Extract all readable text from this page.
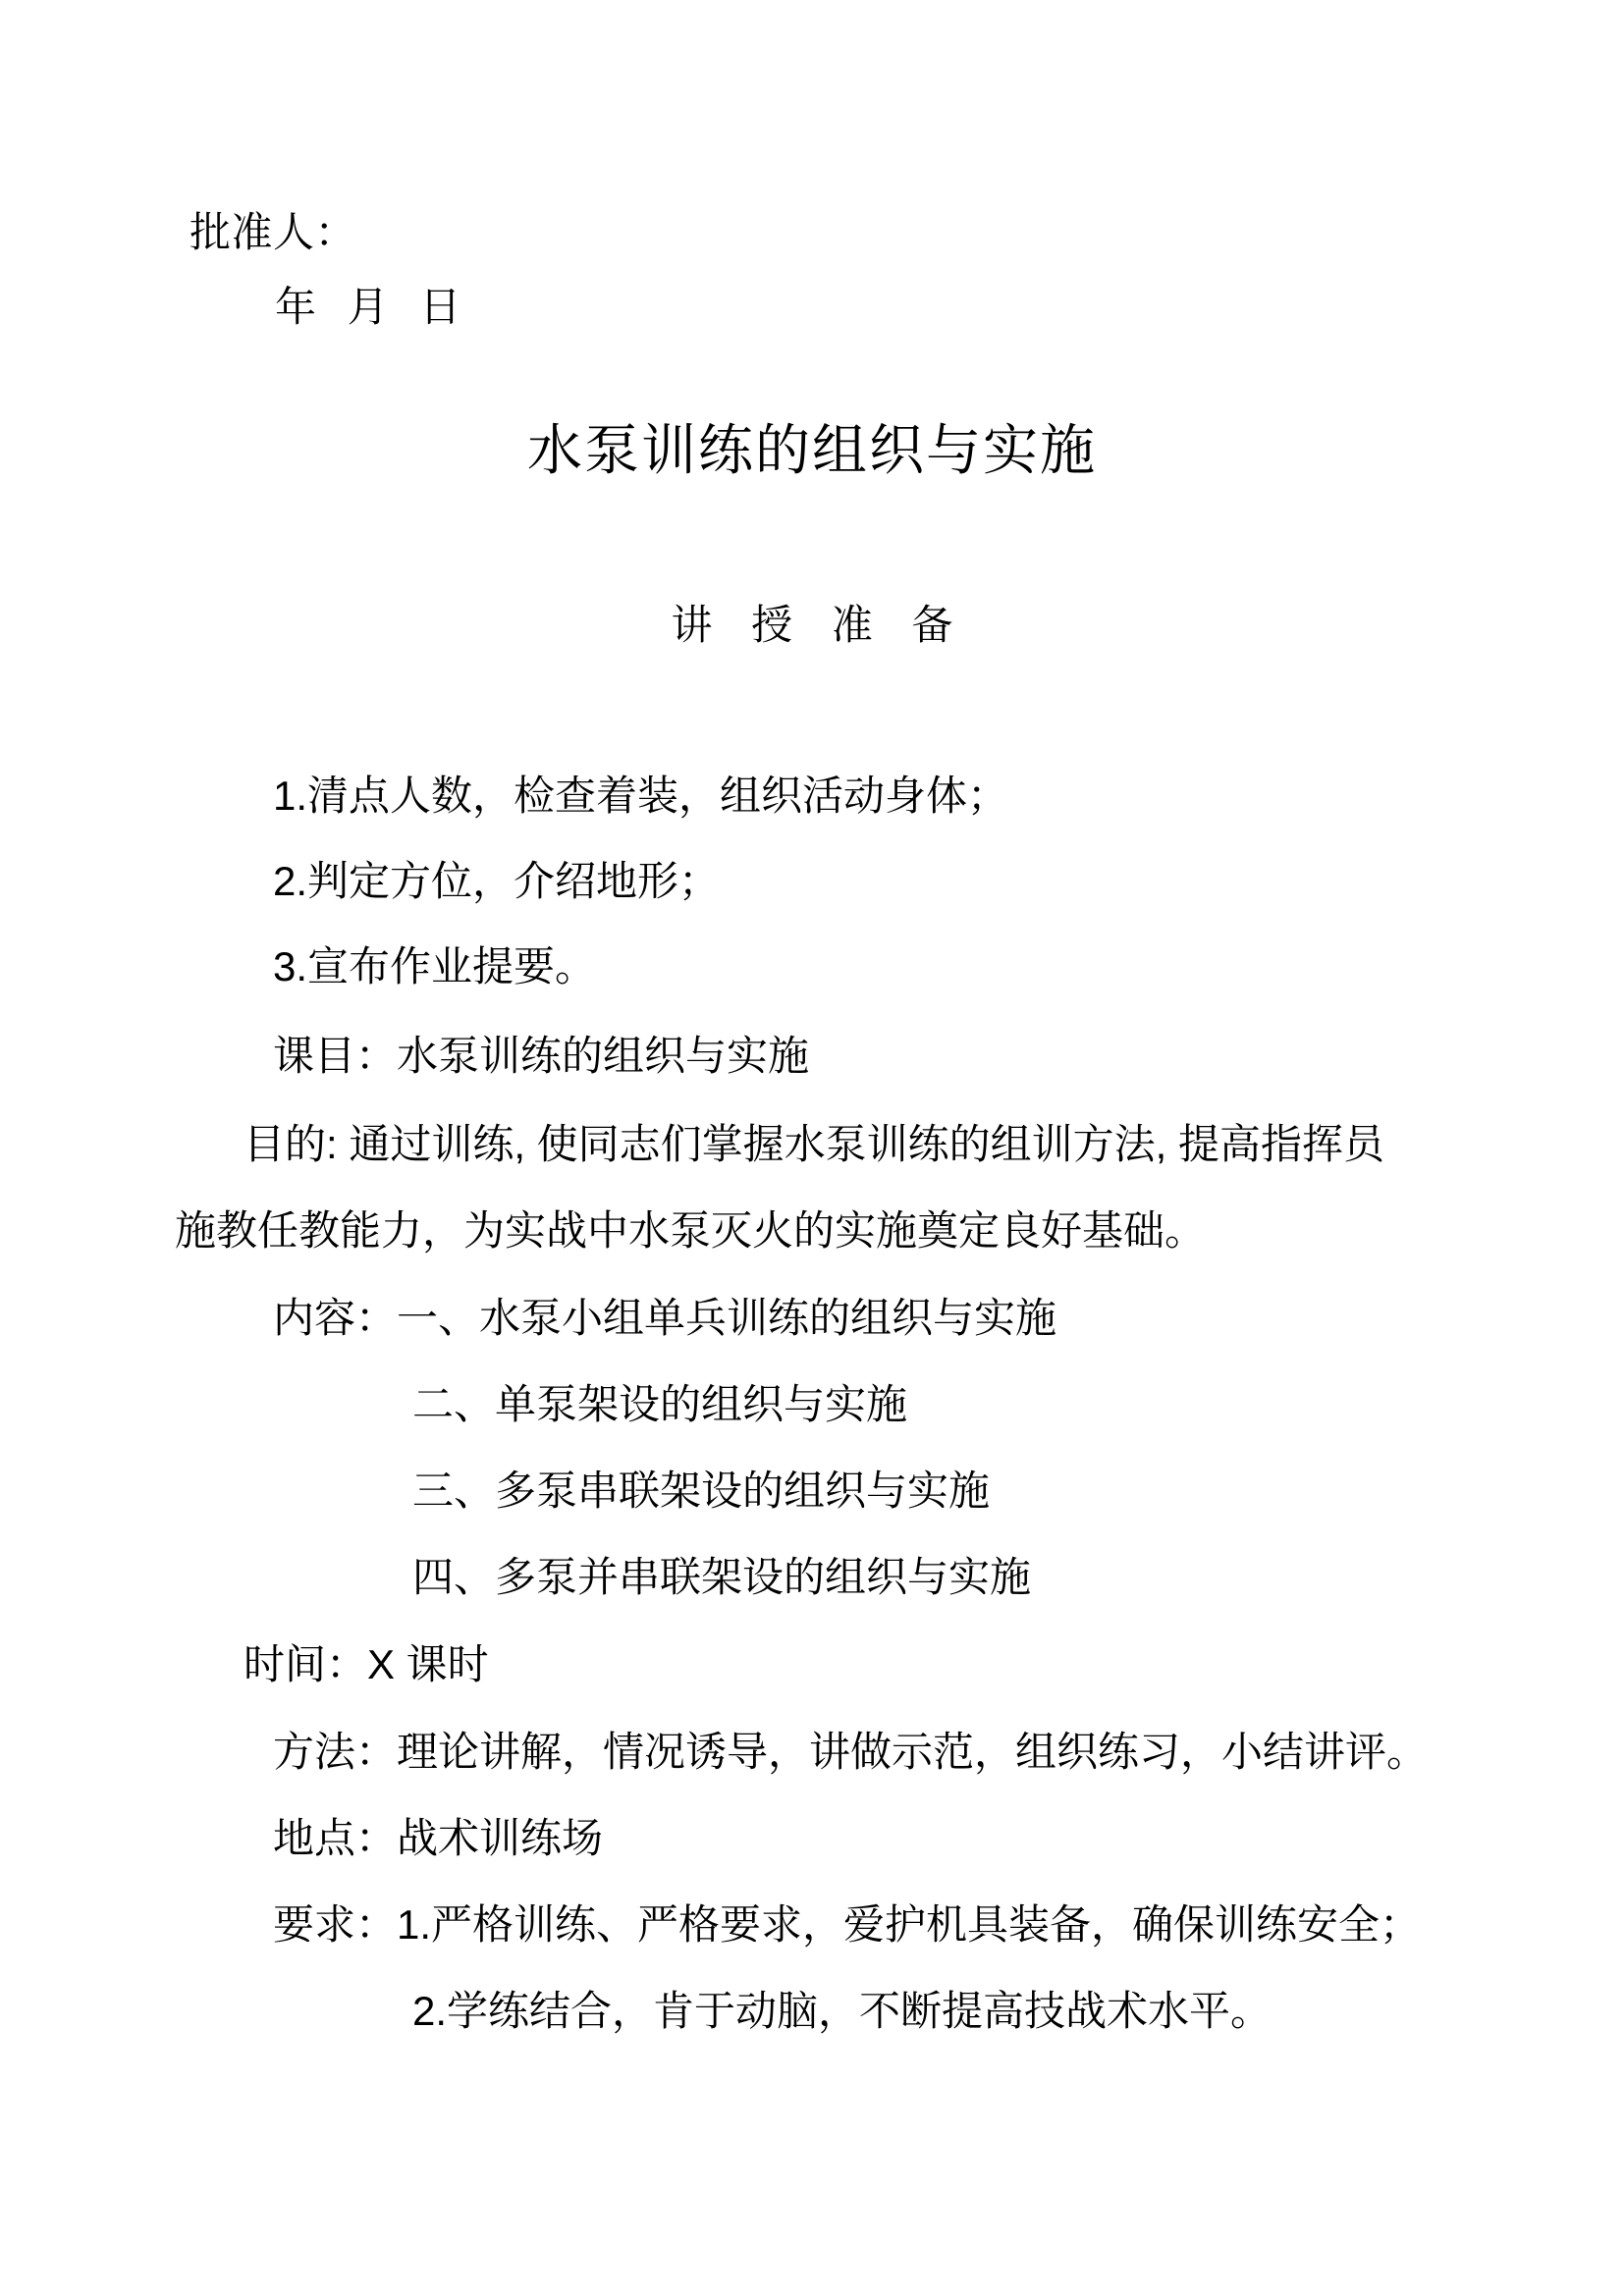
批准人：
年 月 日
水泵训练的组织与实施
讲 授 准 备
1.清点人数，检查着装，组织活动身体；
2.判定方位，介绍地形；
3.宣布作业提要。
课目：水泵训练的组织与实施
目的: 通过训练, 使同志们掌握水泵训练的组训方法, 提高指挥员
施教任教能力，为实战中水泵灭火的实施奠定良好基础。
内容：一、水泵小组单兵训练的组织与实施
二、单泵架设的组织与实施
三、多泵串联架设的组织与实施
四、多泵并串联架设的组织与实施
时间：X 课时
方法：理论讲解，情况诱导，讲做示范，组织练习，小结讲评。
地点：战术训练场
要求：1.严格训练、严格要求，爱护机具装备，确保训练安全；
2.学练结合，肯于动脑，不断提高技战术水平。
